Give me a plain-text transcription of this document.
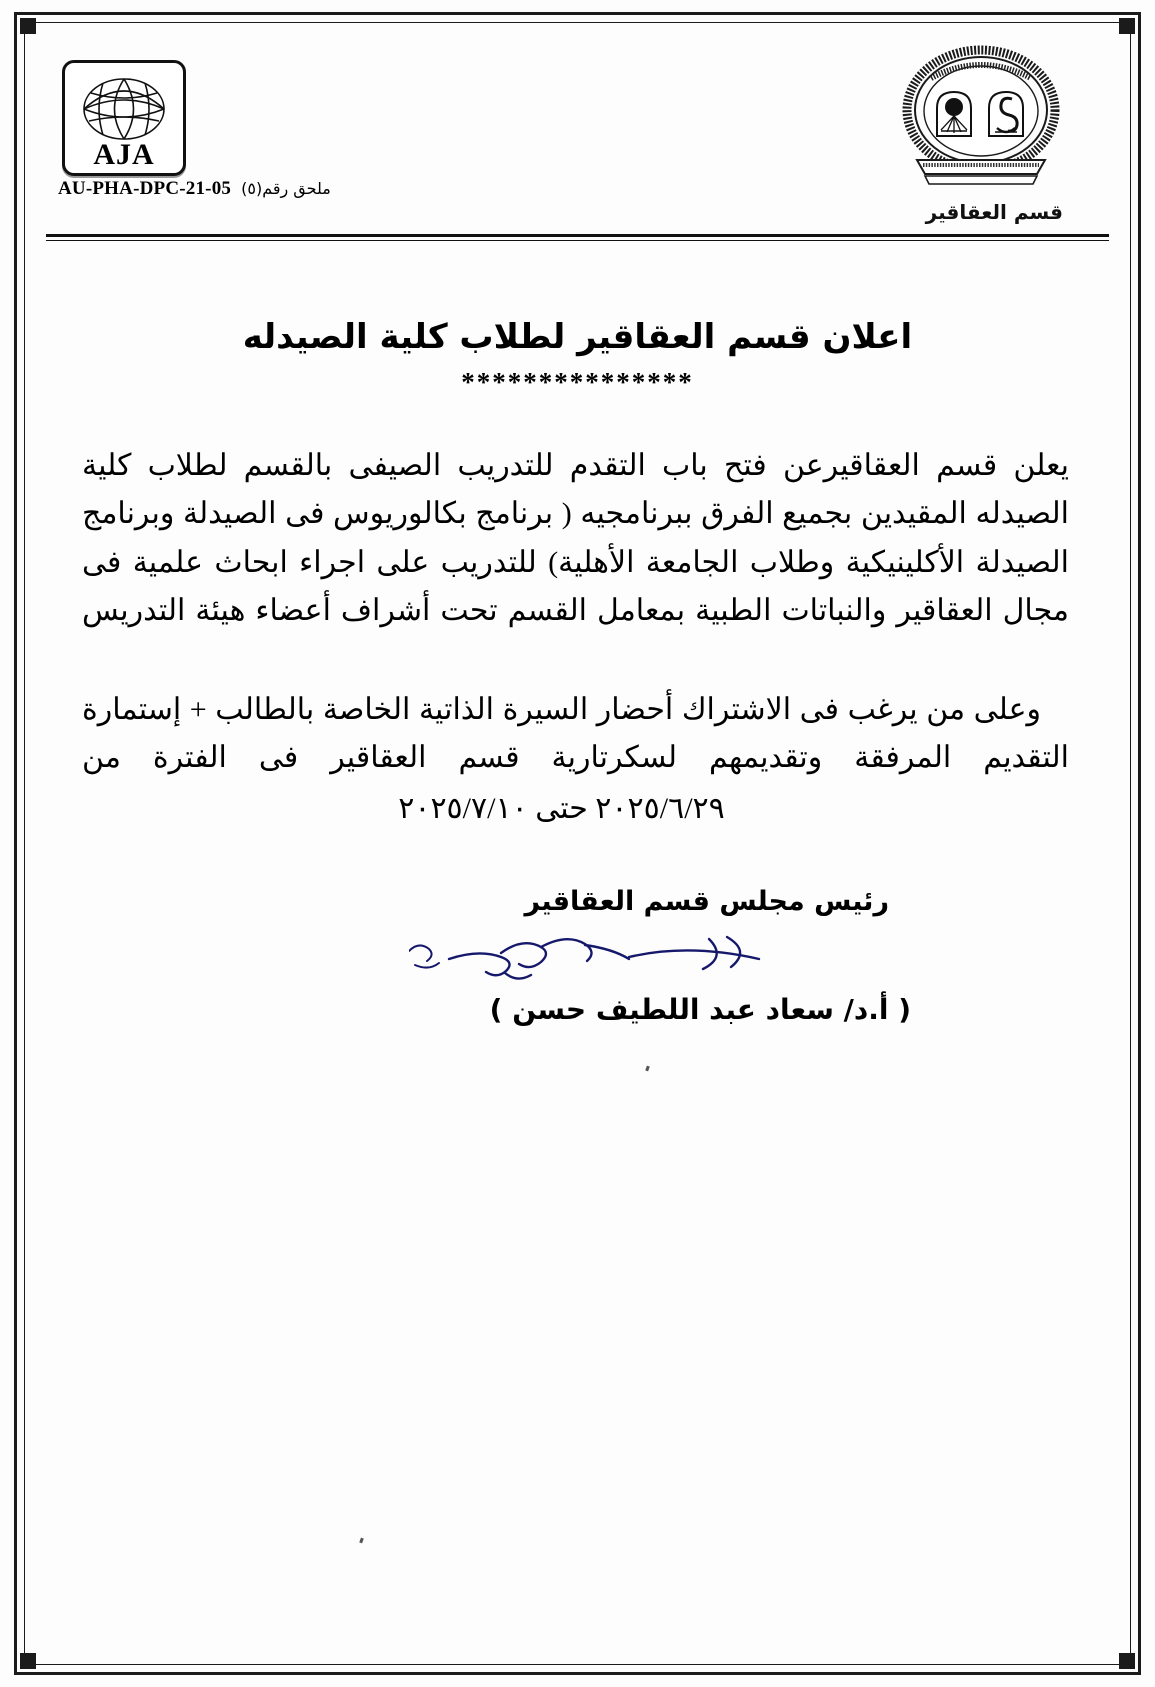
AJA
AU-PHA-DPC-21-05 ملحق رقم(٥)
قسم العقاقير
اعلان قسم العقاقير لطلاب كلية الصيدله
***************
يعلن قسم العقاقيرعن فتح باب التقدم للتدريب الصيفى بالقسم لطلاب كلية الصيدله المقيدين بجميع الفرق ببرنامجيه ( برنامج بكالوريوس فى الصيدلة وبرنامج الصيدلة الأكلينيكية وطلاب الجامعة الأهلية) للتدريب على اجراء ابحاث علمية فى مجال العقاقير والنباتات الطبية بمعامل القسم تحت أشراف أعضاء هيئة التدريس
وعلى من يرغب فى الاشتراك أحضار السيرة الذاتية الخاصة بالطالب + إستمارة التقديم المرفقة وتقديمهم لسكرتارية قسم العقاقير فى الفترة من
٢٠٢٥/٦/٢٩ حتى ٢٠٢٥/٧/١٠
رئيس مجلس قسم العقاقير
( أ.د/ سعاد عبد اللطيف حسن )
